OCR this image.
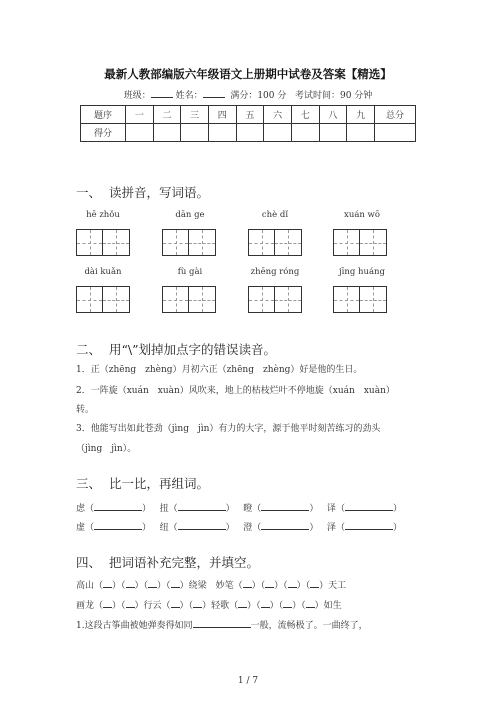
最新人教部编版六年级语文上册期中试卷及答案【精选】
班级：	姓名：	满分：100 分 考试时间：90 分钟
题序	一	二	三	四	五	六	七	八	九	总分
得分										
一、 读拼音，写词语。
hē zhǒu	dān ge	chè dǐ	xuán wō
dài kuǎn	fù gài	zhēng róng	jīng huáng
二、 用“\”划掉加点字的错误读音。
1．正（zhēng　zhèng）月初六正（zhēng　zhèng）好是他的生日。
2．一阵旋（xuán　xuàn）风吹来，地上的枯枝烂叶不停地旋（xuán　xuàn）
转。
3．他能写出如此苍劲（jìng　jìn）有力的大字，源于他平时刻苦练习的劲头
（jìng　jìn）。
三、 比一比，再组词。
虑（	） 扭（	） 瞪（	） 译（	）
虚（	） 纽（	） 澄（	） 泽（	）
四、 把词语补充完整，并填空。
高山（ ）（ ）（ ）（ ）绕梁　妙笔（ ）（ ）（ ）（ ）天工
画龙（ ）（ ）行云（ ）（ ）轻歌（ ）（ ）（ ）（ ）如生
1.这段古筝曲被她弹奏得如同	一般，流畅极了。一曲终了，
1 / 7
